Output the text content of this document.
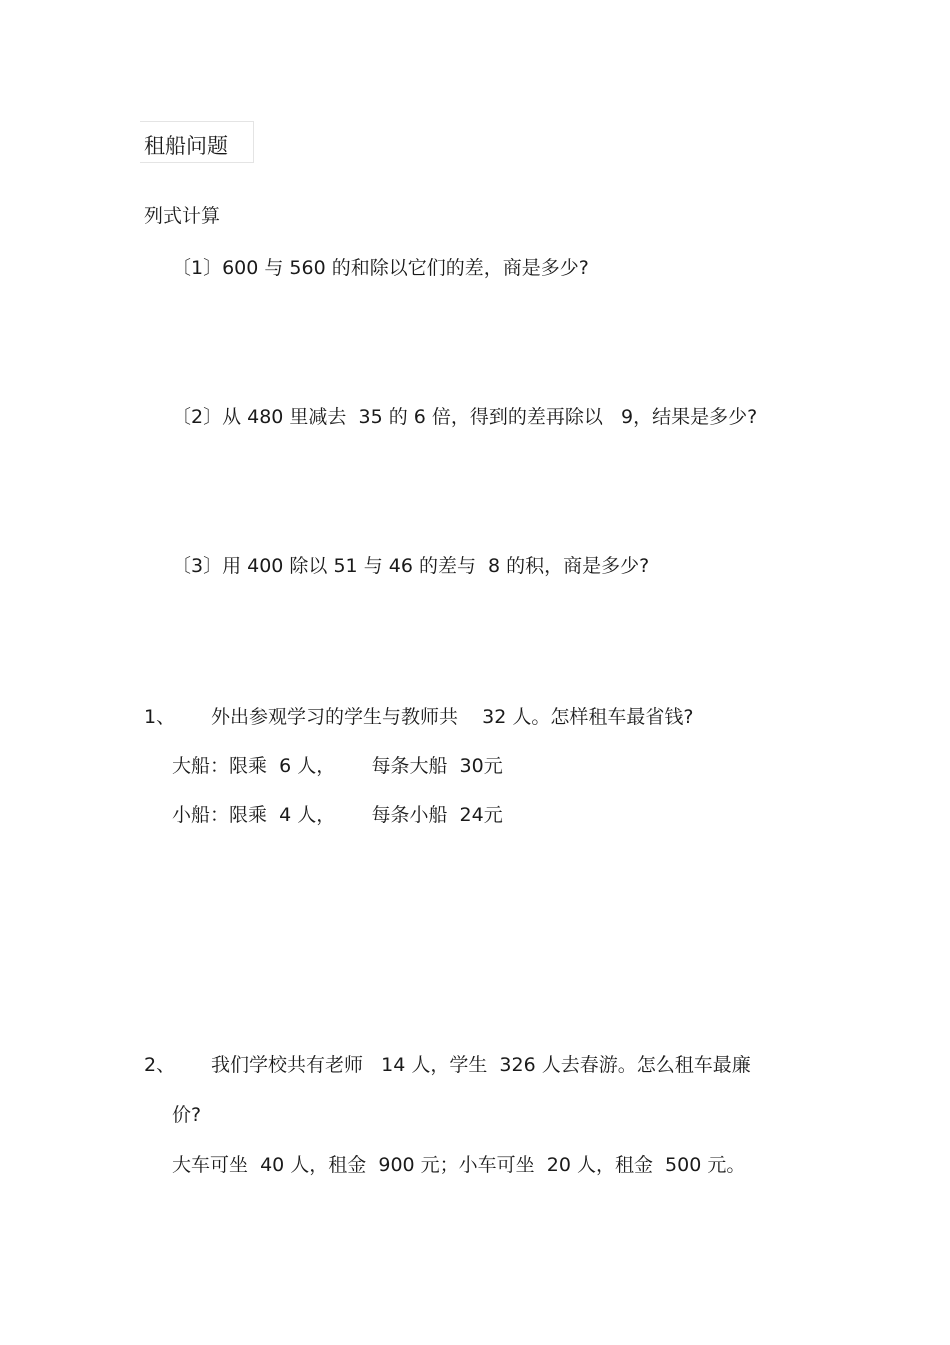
租船问题
列式计算
〔1〕600 与 560 的和除以它们的差，商是多少?
〔2〕从 480 里减去  35 的 6 倍，得到的差再除以   9，结果是多少?
〔3〕用 400 除以 51 与 46 的差与  8 的积，商是多少?
1、 外出参观学习的学生与教师共    32 人。怎样租车最省钱?
大船：限乘  6 人，      每条大船  30元
小船：限乘  4 人，      每条小船  24元
2、 我们学校共有老师   14 人，学生  326 人去春游。怎么租车最廉
价?
大车可坐  40 人，租金  900 元；小车可坐  20 人，租金  500 元。
